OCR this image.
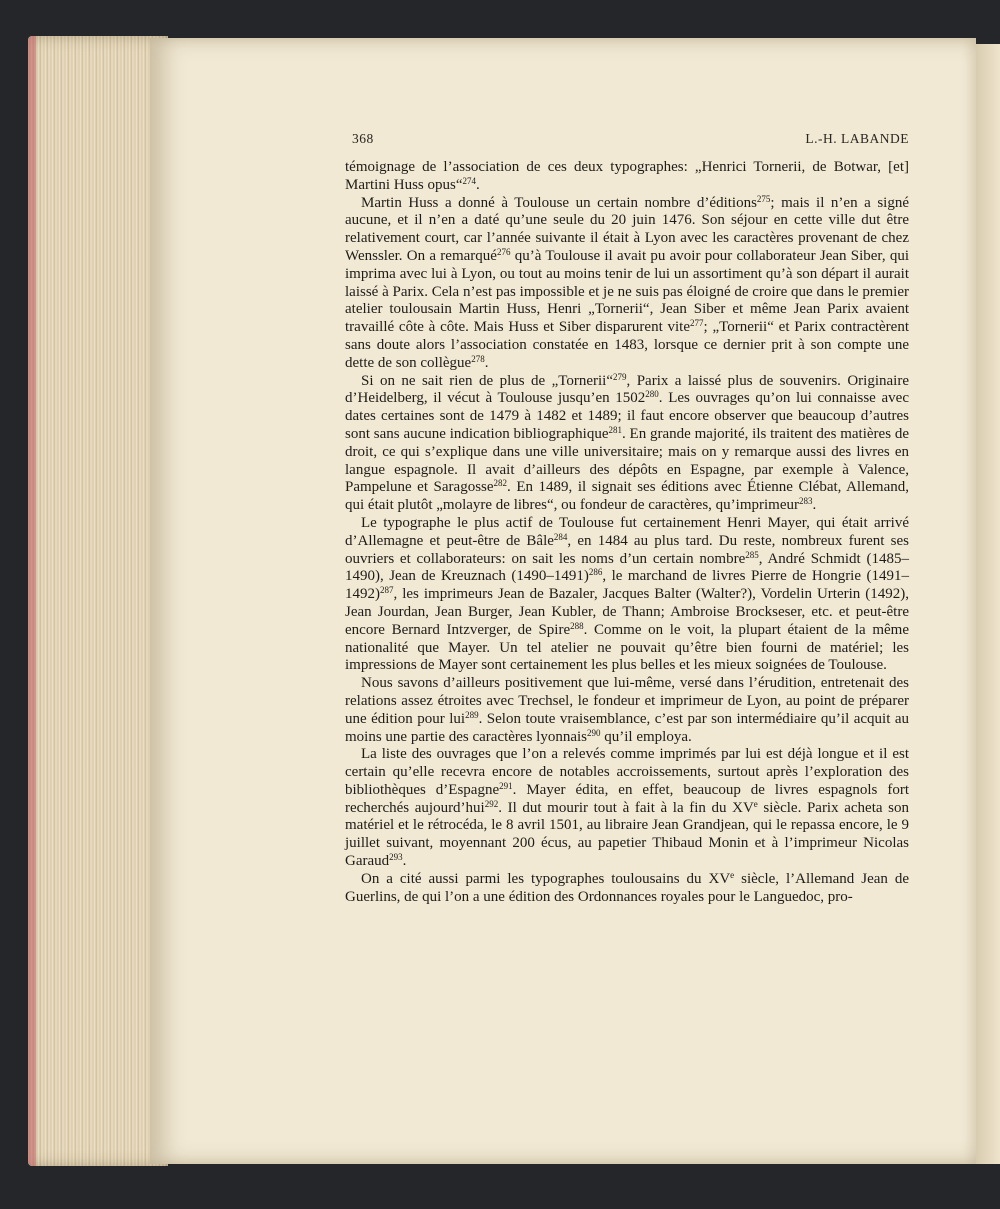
368	L.-H. LABANDE

témoignage de l’association de ces deux typographes: „Henrici Tornerii, de Botwar, [et] Martini Huss opus“$^{274}$.

Martin Huss a donné à Toulouse un certain nombre d’éditions$^{275}$; mais il n’en a signé aucune, et il n’en a daté qu’une seule du 20 juin 1476. Son séjour en cette ville dut être relativement court, car l’année suivante il était à Lyon avec les caractères provenant de chez Wenssler. On a remarqué$^{276}$ qu’à Toulouse il avait pu avoir pour collaborateur Jean Siber, qui imprima avec lui à Lyon, ou tout au moins tenir de lui un assortiment qu’à son départ il aurait laissé à Parix. Cela n’est pas impossible et je ne suis pas éloigné de croire que dans le premier atelier toulousain Martin Huss, Henri „Tornerii“, Jean Siber et même Jean Parix avaient travaillé côte à côte. Mais Huss et Siber disparurent vite$^{277}$; „Tornerii“ et Parix contractèrent sans doute alors l’association constatée en 1483, lorsque ce dernier prit à son compte une dette de son collègue$^{278}$.

Si on ne sait rien de plus de „Tornerii“$^{279}$, Parix a laissé plus de souvenirs. Originaire d’Heidelberg, il vécut à Toulouse jusqu’en 1502$^{280}$. Les ouvrages qu’on lui connaisse avec dates certaines sont de 1479 à 1482 et 1489; il faut encore observer que beaucoup d’autres sont sans aucune indication bibliographique$^{281}$. En grande majorité, ils traitent des matières de droit, ce qui s’explique dans une ville universitaire; mais on y remarque aussi des livres en langue espagnole. Il avait d’ailleurs des dépôts en Espagne, par exemple à Valence, Pampelune et Saragosse$^{282}$. En 1489, il signait ses éditions avec Étienne Clébat, Allemand, qui était plutôt „molayre de libres“, ou fondeur de caractères, qu’imprimeur$^{283}$.

Le typographe le plus actif de Toulouse fut certainement Henri Mayer, qui était arrivé d’Allemagne et peut-être de Bâle$^{284}$, en 1484 au plus tard. Du reste, nombreux furent ses ouvriers et collaborateurs: on sait les noms d’un certain nombre$^{285}$, André Schmidt (1485–1490), Jean de Kreuznach (1490–1491)$^{286}$, le marchand de livres Pierre de Hongrie (1491–1492)$^{287}$, les imprimeurs Jean de Bazaler, Jacques Balter (Walter?), Vordelin Urterin (1492), Jean Jourdan, Jean Burger, Jean Kubler, de Thann; Ambroise Brockseser, etc. et peut-être encore Bernard Intzverger, de Spire$^{288}$. Comme on le voit, la plupart étaient de la même nationalité que Mayer. Un tel atelier ne pouvait qu’être bien fourni de matériel; les impressions de Mayer sont certainement les plus belles et les mieux soignées de Toulouse.

Nous savons d’ailleurs positivement que lui-même, versé dans l’érudition, entretenait des relations assez étroites avec Trechsel, le fondeur et imprimeur de Lyon, au point de préparer une édition pour lui$^{289}$. Selon toute vraisemblance, c’est par son intermédiaire qu’il acquit au moins une partie des caractères lyonnais$^{290}$ qu’il employa.

La liste des ouvrages que l’on a relevés comme imprimés par lui est déjà longue et il est certain qu’elle recevra encore de notables accroissements, surtout après l’exploration des bibliothèques d’Espagne$^{291}$. Mayer édita, en effet, beaucoup de livres espagnols fort recherchés aujourd’hui$^{292}$. Il dut mourir tout à fait à la fin du XVe siècle. Parix acheta son matériel et le rétrocéda, le 8 avril 1501, au libraire Jean Grandjean, qui le repassa encore, le 9 juillet suivant, moyennant 200 écus, au papetier Thibaud Monin et à l’imprimeur Nicolas Garaud$^{293}$.

On a cité aussi parmi les typographes toulousains du XVe siècle, l’Allemand Jean de Guerlins, de qui l’on a une édition des Ordonnances royales pour le Languedoc, pro-
